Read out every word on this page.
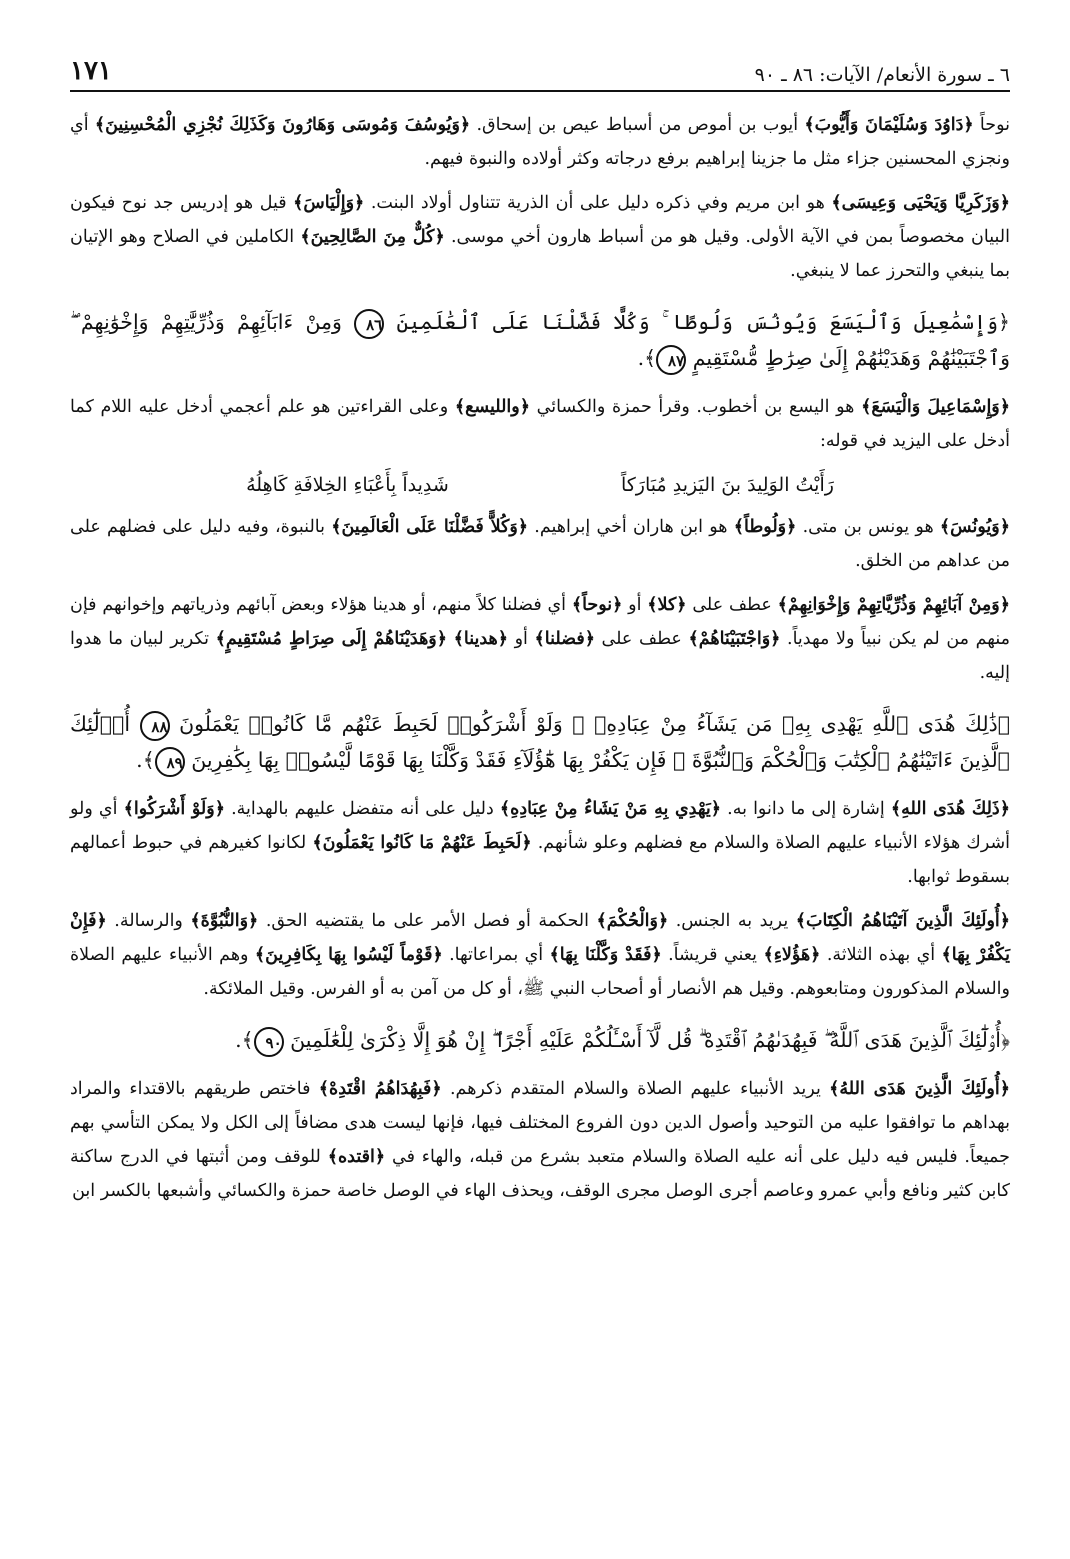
٦ ـ سورة الأنعام/ الآيات: ٨٦ ـ ٩٠
١٧١

نوحاً ﴿دَاوُدَ وَسُلَيْمَانَ وَأَيُّوبَ﴾ أيوب بن أموص من أسباط عيص بن إسحاق. ﴿وَيُوسُفَ وَمُوسَى وَهَارُونَ وَكَذَلِكَ نُجْزِي الْمُحْسِنِينَ﴾ أي ونجزي المحسنين جزاء مثل ما جزينا إبراهيم برفع درجاته وكثر أولاده والنبوة فيهم.

﴿وَزَكَرِيَّا وَيَحْيَى وَعِيسَى﴾ هو ابن مريم وفي ذكره دليل على أن الذرية تتناول أولاد البنت. ﴿وَإِلْيَاسَ﴾ قيل هو إدريس جد نوح فيكون البيان مخصوصاً بمن في الآية الأولى. وقيل هو من أسباط هارون أخي موسى. ﴿كُلٌّ مِنَ الصَّالِحِينَ﴾ الكاملين في الصلاح وهو الإتيان بما ينبغي والتحرز عما لا ينبغي.

﴿وَإِسْمَٰعِيلَ وَٱلْيَسَعَ وَيُونُسَ وَلُوطًا ۚ وَكُلًّا فَضَّلْنَا عَلَى ٱلْعَٰلَمِينَ ٨٦ وَمِنْ ءَابَآئِهِمْ وَذُرِّيَّٰتِهِمْ وَإِخْوَٰنِهِمْ ۖ وَٱجْتَبَيْنَٰهُمْ وَهَدَيْنَٰهُمْ إِلَىٰ صِرَٰطٍ مُّسْتَقِيمٍ ٨٧﴾.

﴿وَإِسْمَاعِيلَ وَالْيَسَعَ﴾ هو اليسع بن أخطوب. وقرأ حمزة والكسائي ﴿والليسع﴾ وعلى القراءتين هو علم أعجمي أدخل عليه اللام كما أدخل على اليزيد في قوله:

رَأَيْتُ الوَلِيدَ بنَ اليَزيدِ مُبَارَكاً
شَدِيداً بِأَعْبَاءِ الخِلافَةِ كَاهِلُهُ

﴿وَيُونُسَ﴾ هو يونس بن متى. ﴿وَلُوطاً﴾ هو ابن هاران أخي إبراهيم. ﴿وَكُلاًّ فَضَّلْنَا عَلَى الْعَالَمِينَ﴾ بالنبوة، وفيه دليل على فضلهم على من عداهم من الخلق.

﴿وَمِنْ آبَائِهِمْ وَذُرِّيَّاتِهِمْ وَإِخْوَانِهِمْ﴾ عطف على ﴿كلا﴾ أو ﴿نوحاً﴾ أي فضلنا كلاً منهم، أو هدينا هؤلاء وبعض آبائهم وذرياتهم وإخوانهم فإن منهم من لم يكن نبياً ولا مهدياً. ﴿وَاجْتَبَيْنَاهُمْ﴾ عطف على ﴿فضلنا﴾ أو ﴿هدينا﴾ ﴿وَهَدَيْنَاهُمْ إِلَى صِرَاطٍ مُسْتَقِيمٍ﴾ تكرير لبيان ما هدوا إليه.

﴿ذَٰلِكَ هُدَى ٱللَّهِ يَهْدِى بِهِۦ مَن يَشَآءُ مِنْ عِبَادِهِۦ ۚ وَلَوْ أَشْرَكُوا۟ لَحَبِطَ عَنْهُم مَّا كَانُوا۟ يَعْمَلُونَ ٨٨ أُو۟لَٰٓئِكَ ٱلَّذِينَ ءَاتَيْنَٰهُمُ ٱلْكِتَٰبَ وَٱلْحُكْمَ وَٱلنُّبُوَّةَ ۚ فَإِن يَكْفُرْ بِهَا هَٰٓؤُلَآءِ فَقَدْ وَكَّلْنَا بِهَا قَوْمًا لَّيْسُوا۟ بِهَا بِكَٰفِرِينَ ٨٩﴾.

﴿ذَلِكَ هُدَى اللهِ﴾ إشارة إلى ما دانوا به. ﴿يَهْدِي بِهِ مَنْ يَشَاءُ مِنْ عِبَادِهِ﴾ دليل على أنه متفضل عليهم بالهداية. ﴿وَلَوْ أَشْرَكُوا﴾ أي ولو أشرك هؤلاء الأنبياء عليهم الصلاة والسلام مع فضلهم وعلو شأنهم. ﴿لَحَبِطَ عَنْهُمْ مَا كَانُوا يَعْمَلُونَ﴾ لكانوا كغيرهم في حبوط أعمالهم بسقوط ثوابها.

﴿أُولَئِكَ الَّذِينَ آتَيْنَاهُمُ الْكِتَابَ﴾ يريد به الجنس. ﴿وَالْحُكْمَ﴾ الحكمة أو فصل الأمر على ما يقتضيه الحق. ﴿وَالنُّبُوَّةَ﴾ والرسالة. ﴿فَإِنْ يَكْفُرْ بِهَا﴾ أي بهذه الثلاثة. ﴿هَؤُلاءِ﴾ يعني قريشاً. ﴿فَقَدْ وَكَّلْنَا بِهَا﴾ أي بمراعاتها. ﴿قَوْماً لَيْسُوا بِهَا بِكَافِرِينَ﴾ وهم الأنبياء عليهم الصلاة والسلام المذكورون ومتابعوهم. وقيل هم الأنصار أو أصحاب النبي ﷺ، أو كل من آمن به أو الفرس. وقيل الملائكة.

﴿أُو۟لَٰٓئِكَ ٱلَّذِينَ هَدَى ٱللَّهُ ۖ فَبِهُدَىٰهُمُ ٱقْتَدِهْ ۗ قُل لَّآ أَسْـَٔلُكُمْ عَلَيْهِ أَجْرًا ۖ إِنْ هُوَ إِلَّا ذِكْرَىٰ لِلْعَٰلَمِينَ ٩٠﴾.

﴿أُولَئِكَ الَّذِينَ هَدَى اللهُ﴾ يريد الأنبياء عليهم الصلاة والسلام المتقدم ذكرهم. ﴿فَبِهُدَاهُمُ اقْتَدِهْ﴾ فاختص طريقهم بالاقتداء والمراد بهداهم ما توافقوا عليه من التوحيد وأصول الدين دون الفروع المختلف فيها، فإنها ليست هدى مضافاً إلى الكل ولا يمكن التأسي بهم جميعاً. فليس فيه دليل على أنه عليه الصلاة والسلام متعبد بشرع من قبله، والهاء في ﴿اقتده﴾ للوقف ومن أثبتها في الدرج ساكنة كابن كثير ونافع وأبي عمرو وعاصم أجرى الوصل مجرى الوقف، ويحذف الهاء في الوصل خاصة حمزة والكسائي وأشبعها بالكسر ابن
